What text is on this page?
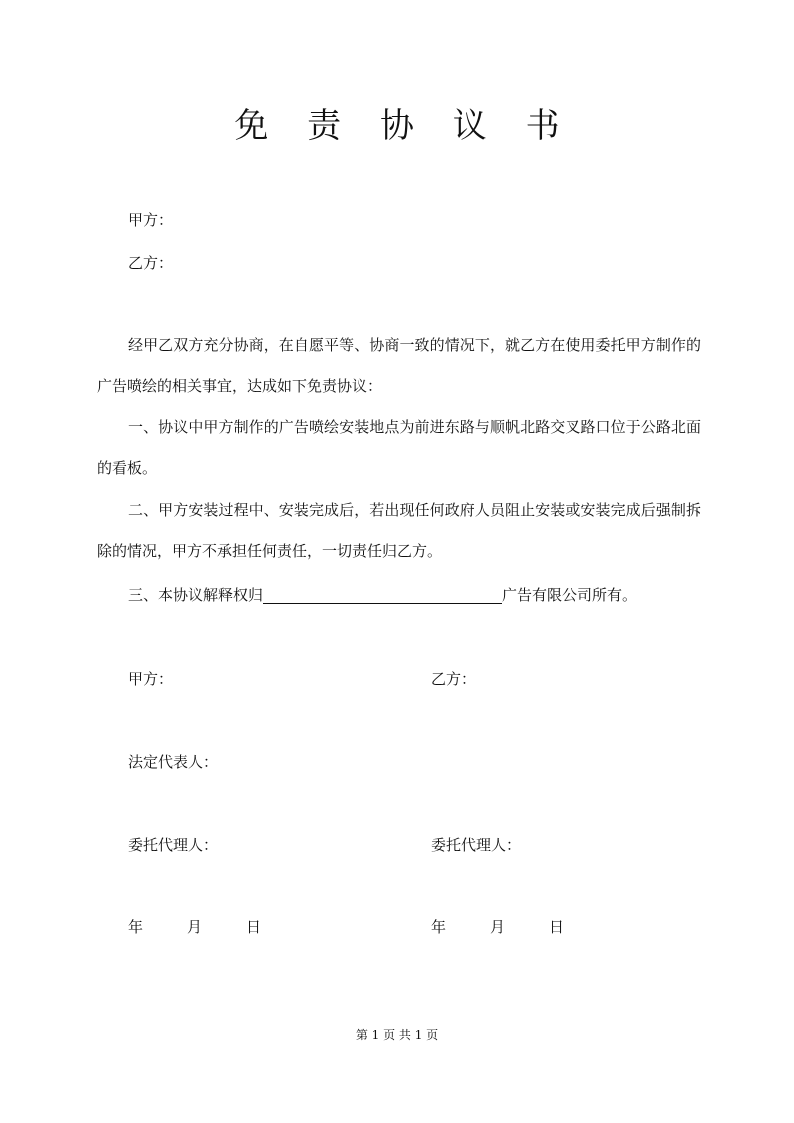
免 责 协 议 书
甲方：
乙方：
经甲乙双方充分协商，在自愿平等、协商一致的情况下，就乙方在使用委托甲方制作的广告喷绘的相关事宜，达成如下免责协议：
一、协议中甲方制作的广告喷绘安装地点为前进东路与顺帆北路交叉路口位于公路北面的看板。
二、甲方安装过程中、安装完成后，若出现任何政府人员阻止安装或安装完成后强制拆除的情况，甲方不承担任何责任，一切责任归乙方。
三、本协议解释权归	广告有限公司所有。
甲方：	乙方：
法定代表人：
委托代理人：	委托代理人：
年	月	日	年	月	日
第 1 页 共 1 页
